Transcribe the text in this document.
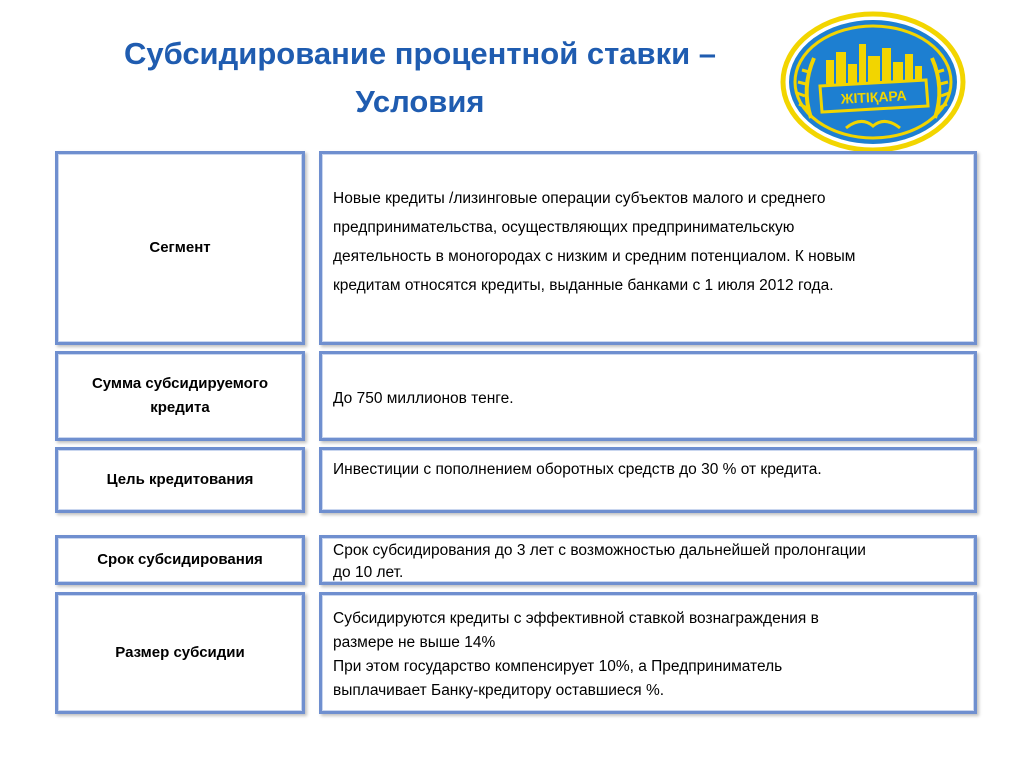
Субсидирование процентной ставки –
Условия	ЖІТІҚАРА
Сегмент
Новые кредиты /лизинговые операции субъектов малого и среднего
предпринимательства, осуществляющих предпринимательскую
деятельность в моногородах с низким и средним потенциалом. К новым
кредитам относятся кредиты, выданные банками с 1 июля 2012 года.
Сумма субсидируемого кредита
До 750 миллионов тенге.
Цель кредитования
Инвестиции с пополнением оборотных средств до 30 % от кредита.
Срок субсидирования
Срок субсидирования до 3 лет с возможностью дальнейшей пролонгации
до 10 лет.
Размер субсидии
Субсидируются кредиты с эффективной ставкой вознаграждения в
размере не выше 14%
При этом государство компенсирует 10%, а Предприниматель
выплачивает Банку-кредитору оставшиеся %.
